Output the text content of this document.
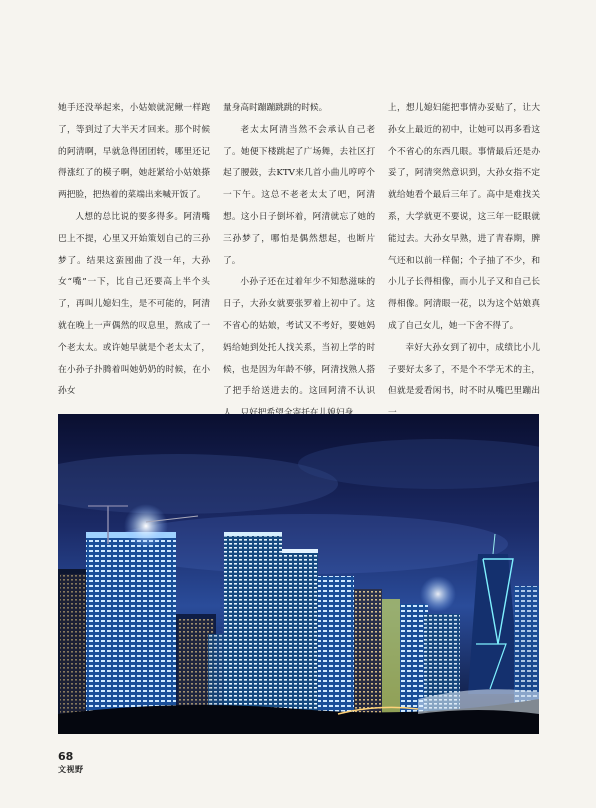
她手还没举起来，小姑娘就泥鳅一样跑了，等到过了大半天才回来。那个时候的阿清啊，早就急得团团转，哪里还记得涨红了的模子啊，她赶紧给小姑娘搽两把脸，把热着的菜端出来喊开饭了。

人想的总比说的要多得多。阿清嘴巴上不提，心里又开始策划自己的三孙梦了。结果这蛮囤曲了没一年，大孙女“嘴”一下，比自己还要高上半个头了，再叫儿媳妇生，是不可能的，阿清就在晚上一声偶然的叹息里，熬成了一个老太太。或许她早就是个老太太了，在小孙子扑腾着叫她奶奶的时候，在小孙女

量身高时蹦蹦跳跳的时候。

老太太阿清当然不会承认自己老了。她便下楼跳起了广场舞，去社区打起了腰鼓，去KTV来几首小曲儿哼哼个一下午。这总不老老太太了吧，阿清想。这小日子倒坏着，阿清就忘了她的三孙梦了，哪怕是偶然想起，也断片了。

小孙子还在过着年少不知愁滋味的日子，大孙女就要张罗着上初中了。这不省心的姑娘，考试又不考好，要她妈妈给她到处托人找关系，当初上学的时候，也是因为年龄不够，阿清找熟人搭了把手给送进去的。这回阿清不认识

上，想儿媳妇能把事情办妥贴了，让大孙女上最近的初中，让她可以再多看这个不省心的东西几眼。事情最后还是办妥了，阿清突然意识到，大孙女指不定就给她看个最后三年了。高中是难找关系，大学就更不要说，这三年一眨眼就能过去。大孙女早熟，进了青春期，脾气还和以前一样倔；个子抽了不少，和小儿子长得相像，而小儿子又和自己长得相像。阿清眼一花，以为这个姑娘真成了自己女儿，她一下舍不得了。

幸好大孙女到了初中，成绩比小儿子要好太多了，不是个不学无术的主，但就是爱看闲书，时不时从嘴巴里蹦出

68
文视野
